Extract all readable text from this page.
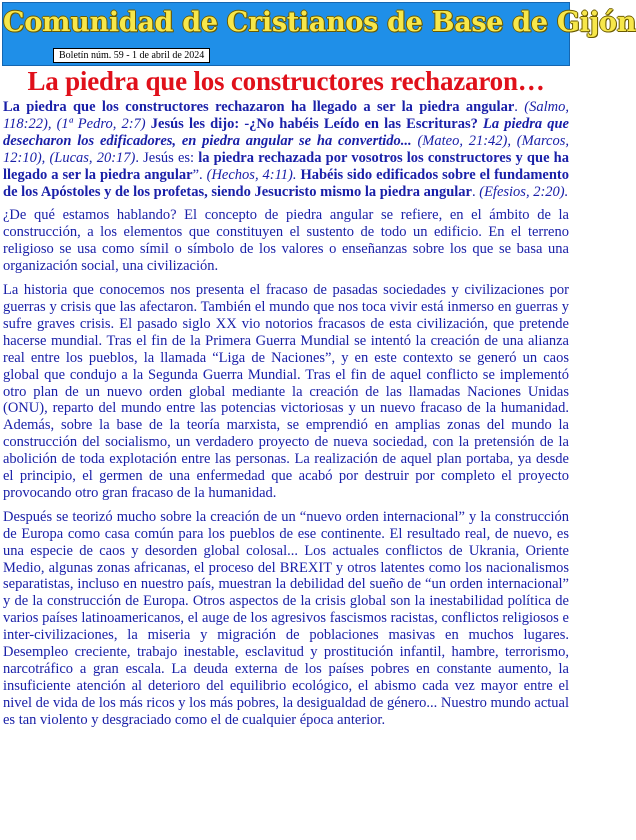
Comunidad de Cristianos de Base de Gijón
Boletín núm. 59 - 1 de abril de 2024
La piedra que los constructores rechazaron…

La piedra que los constructores rechazaron ha llegado a ser la piedra angular. (Salmo, 118:22), (1ª Pedro, 2:7) Jesús les dijo: -¿No habéis Leído en las Escrituras? La piedra que desecharon los edificadores, en piedra angular se ha convertido... (Mateo, 21:42), (Marcos, 12:10), (Lucas, 20:17). Jesús es: la piedra rechazada por vosotros los constructores y que ha llegado a ser la piedra angular”. (Hechos, 4:11). Habéis sido edificados sobre el fundamento de los Apóstoles y de los profetas, siendo Jesucristo mismo la piedra angular. (Efesios, 2:20).

¿De qué estamos hablando? El concepto de piedra angular se refiere, en el ámbito de la construcción, a los elementos que constituyen el sustento de todo un edificio. En el terreno religioso se usa como símil o símbolo de los valores o enseñanzas sobre los que se basa una organización social, una civilización.

La historia que conocemos nos presenta el fracaso de pasadas sociedades y civilizaciones por guerras y crisis que las afectaron. También el mundo que nos toca vivir está inmerso en guerras y sufre graves crisis. El pasado siglo XX vio notorios fracasos de esta civilización, que pretende hacerse mundial. Tras el fin de la Primera Guerra Mundial se intentó la creación de una alianza real entre los pueblos, la llamada “Liga de Naciones”, y en este contexto se generó un caos global que condujo a la Segunda Guerra Mundial. Tras el fin de aquel conflicto se implementó otro plan de un nuevo orden global mediante la creación de las llamadas Naciones Unidas (ONU), reparto del mundo entre las potencias victoriosas y un nuevo fracaso de la humanidad. Además, sobre la base de la teoría marxista, se emprendió en amplias zonas del mundo la construcción del socialismo, un verdadero proyecto de nueva sociedad, con la pretensión de la abolición de toda explotación entre las personas. La realización de aquel plan portaba, ya desde el principio, el germen de una enfermedad que acabó por destruir por completo el proyecto provocando otro gran fracaso de la humanidad.

Después se teorizó mucho sobre la creación de un “nuevo orden internacional” y la construcción de Europa como casa común para los pueblos de ese continente. El resultado real, de nuevo, es una especie de caos y desorden global colosal... Los actuales conflictos de Ukrania, Oriente Medio, algunas zonas africanas, el proceso del BREXIT y otros latentes como los nacionalismos separatistas, incluso en nuestro país, muestran la debilidad del sueño de “un orden internacional” y de la construcción de Europa. Otros aspectos de la crisis global son la inestabilidad política de varios países latinoamericanos, el auge de los agresivos fascismos racistas, conflictos religiosos e inter-civilizaciones, la miseria y migración de poblaciones masivas en muchos lugares. Desempleo creciente, trabajo inestable, esclavitud y prostitución infantil, hambre, terrorismo, narcotráfico a gran escala. La deuda externa de los países pobres en constante aumento, la insuficiente atención al deterioro del equilibrio ecológico, el abismo cada vez mayor entre el nivel de vida de los más ricos y los más pobres, la desigualdad de género... Nuestro mundo actual es tan violento y desgraciado como el de cualquier época anterior.
